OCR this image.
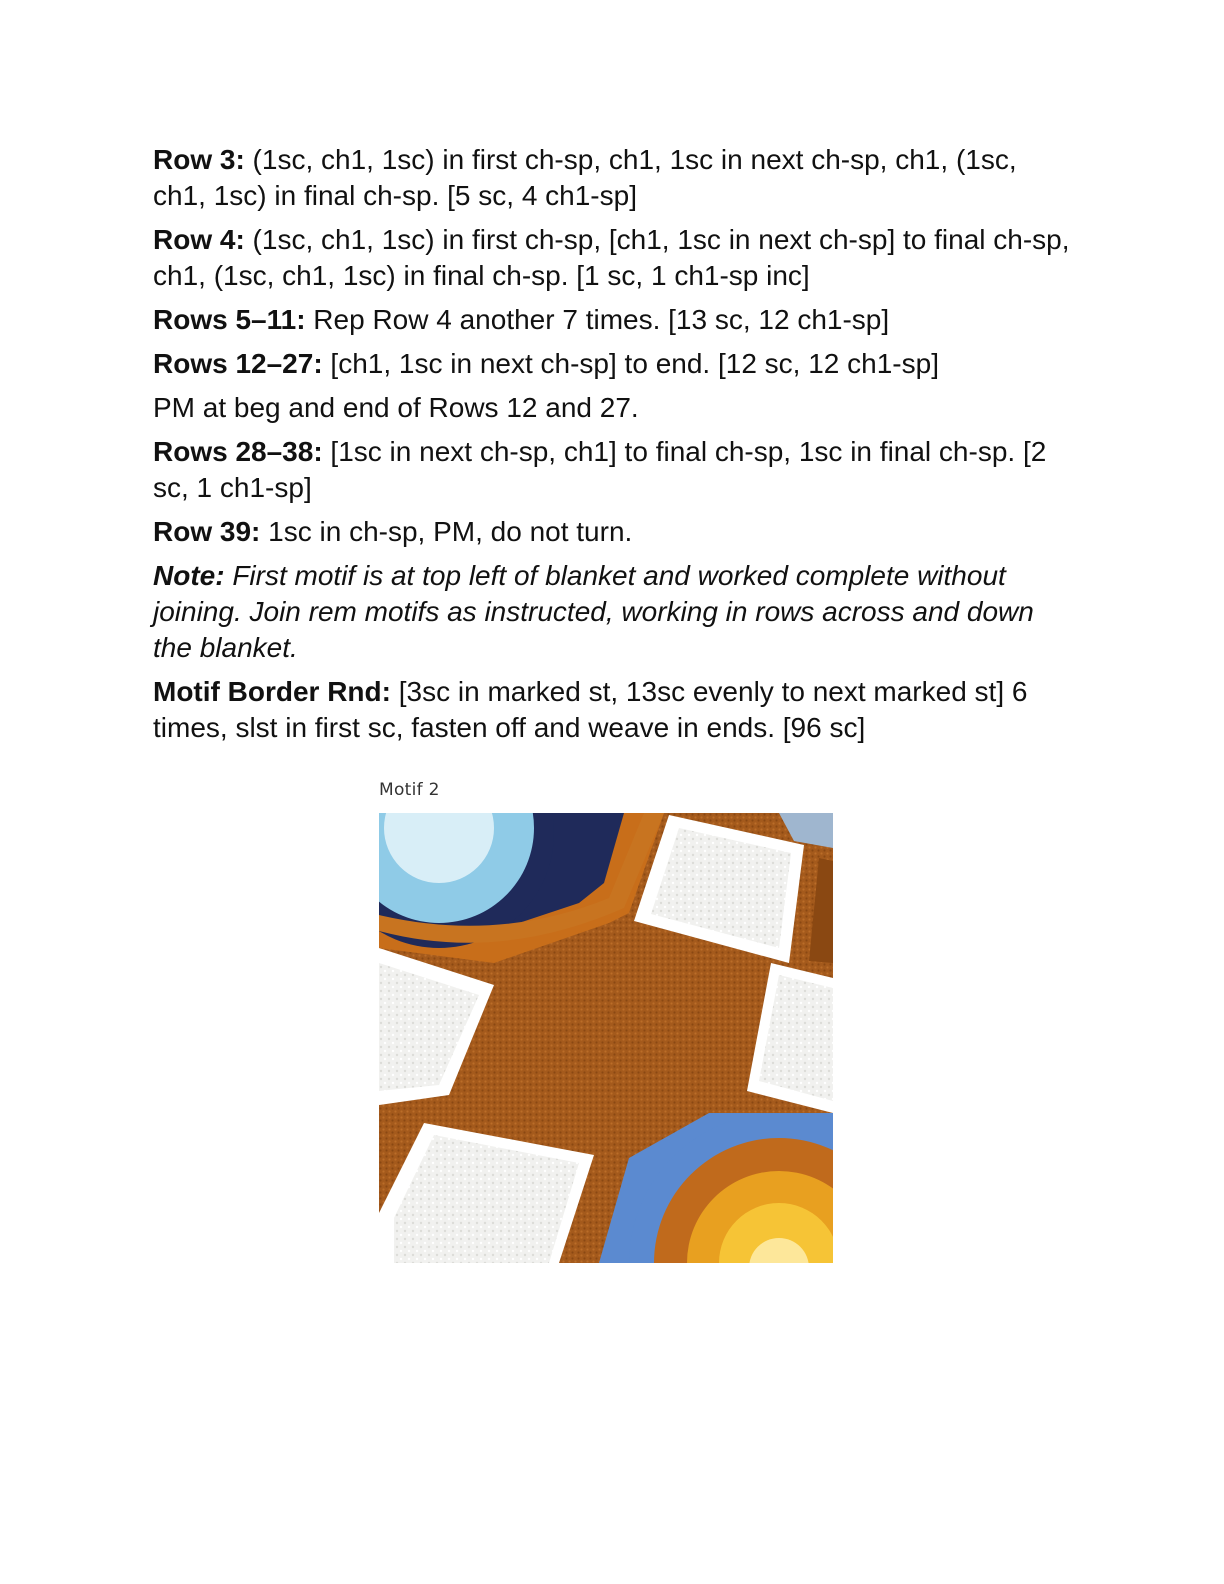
Row 3: (1sc, ch1, 1sc) in first ch-sp, ch1, 1sc in next ch-sp, ch1, (1sc, ch1, 1sc) in final ch-sp. [5 sc, 4 ch1-sp]

Row 4: (1sc, ch1, 1sc) in first ch-sp, [ch1, 1sc in next ch-sp] to final ch-sp, ch1, (1sc, ch1, 1sc) in final ch-sp. [1 sc, 1 ch1-sp inc]

Rows 5–11: Rep Row 4 another 7 times. [13 sc, 12 ch1-sp]

Rows 12–27: [ch1, 1sc in next ch-sp] to end. [12 sc, 12 ch1-sp]

PM at beg and end of Rows 12 and 27.

Rows 28–38: [1sc in next ch-sp, ch1] to final ch-sp, 1sc in final ch-sp. [2 sc, 1 ch1-sp]

Row 39: 1sc in ch-sp, PM, do not turn.

Note: First motif is at top left of blanket and worked complete without joining. Join rem motifs as instructed, working in rows across and down the blanket.

Motif Border Rnd: [3sc in marked st, 13sc evenly to next marked st] 6 times, slst in first sc, fasten off and weave in ends. [96 sc]

Motif 2
